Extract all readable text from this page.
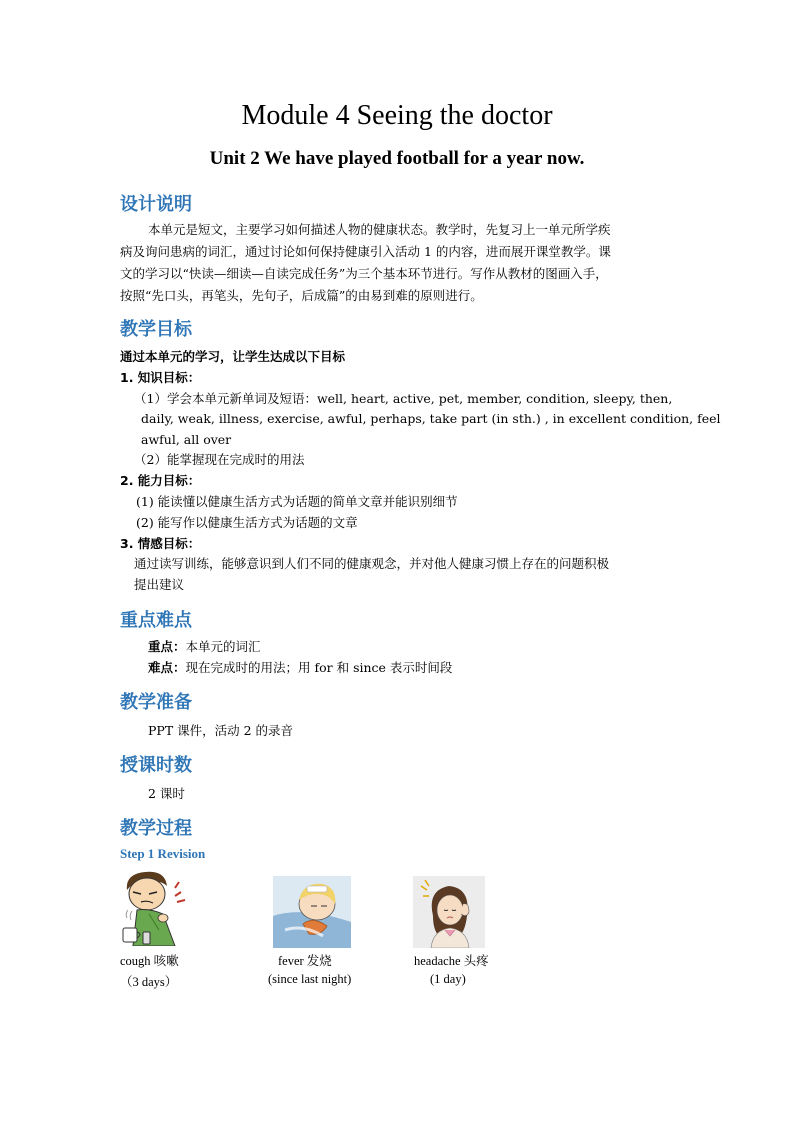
Module 4 Seeing the doctor
Unit 2 We have played football for a year now.
设计说明
本单元是短文，主要学习如何描述人物的健康状态。教学时，先复习上一单元所学疾
病及询问患病的词汇，通过讨论如何保持健康引入活动 1 的内容，进而展开课堂教学。课
文的学习以“快读—细读—自读完成任务”为三个基本环节进行。写作从教材的图画入手，
按照“先口头，再笔头，先句子，后成篇”的由易到难的原则进行。
教学目标
通过本单元的学习，让学生达成以下目标
1. 知识目标：
（1）学会本单元新单词及短语：well, heart, active, pet, member, condition, sleepy, then,
daily, weak, illness, exercise, awful, perhaps, take part (in sth.) , in excellent condition, feel
awful, all over
（2）能掌握现在完成时的用法
2. 能力目标：
(1) 能读懂以健康生活方式为话题的简单文章并能识别细节
(2) 能写作以健康生活方式为话题的文章
3. 情感目标：
通过读写训练，能够意识到人们不同的健康观念，并对他人健康习惯上存在的问题积极
提出建议
重点难点
重点：本单元的词汇
难点：现在完成时的用法；用 for 和 since 表示时间段
教学准备
PPT 课件，活动 2 的录音
授课时数
2 课时
教学过程
Step 1 Revision
cough 咳嗽
（3 days）
fever 发烧
(since last night)
headache 头疼
(1 day)
